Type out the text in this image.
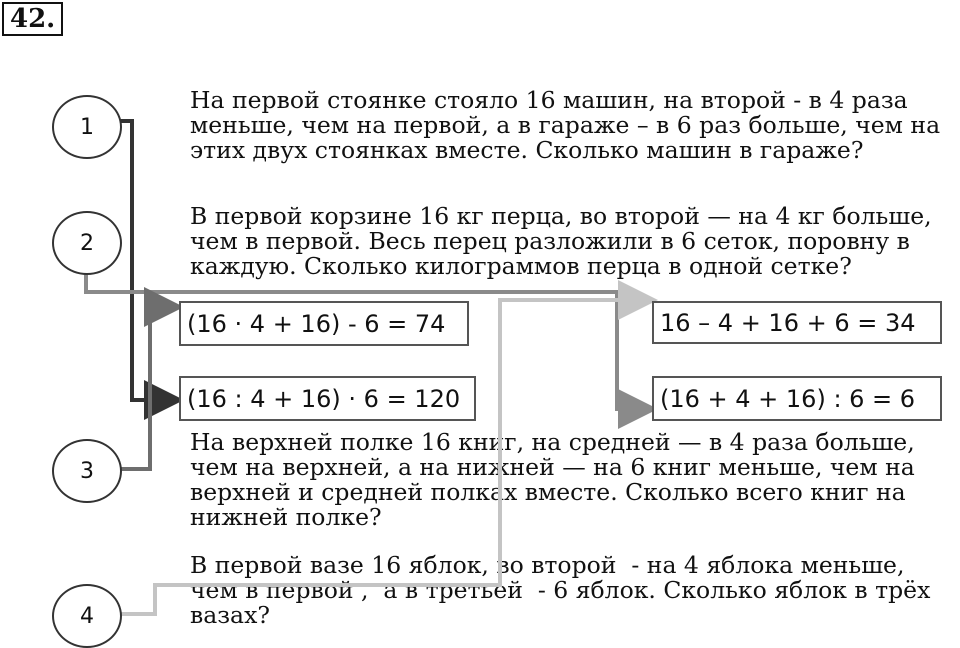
42.
На первой стоянке стояло 16 машин, на второй - в 4 раза
меньше, чем на первой, а в гараже – в 6 раз больше, чем на
этих двух стоянках вместе. Сколько машин в гараже?
В первой корзине 16 кг перца, во второй — на 4 кг больше,
чем в первой. Весь перец разложили в 6 сеток, поровну в
каждую. Сколько килограммов перца в одной сетке?
На верхней полке 16 книг, на средней — в 4 раза больше,
чем на верхней, а на нижней — на 6 книг меньше, чем на
верхней и средней полках вместе. Сколько всего книг на
нижней полке?
В первой вазе 16 яблок, во второй  - на 4 яблока меньше,
чем в первой ,  а в третьей  - 6 яблок. Сколько яблок в трёх
вазах?
1
2
3
4
(16 · 4 + 16) - 6 = 74	16 – 4 + 16 + 6 = 34
(16 : 4 + 16) · 6 = 120	(16 + 4 + 16) : 6 = 6
